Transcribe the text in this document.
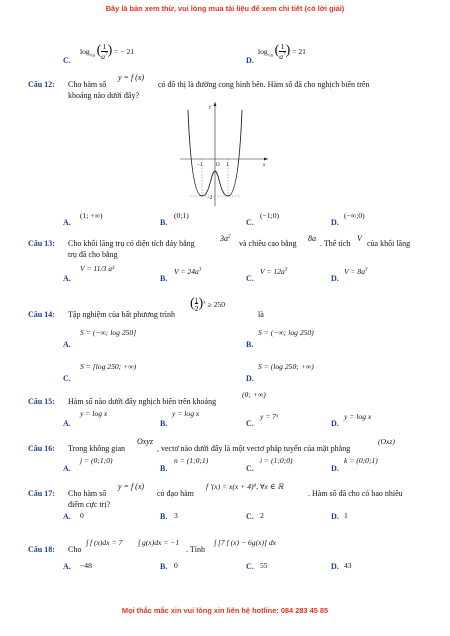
Đây là bản xem thử, vui lòng mua tài liệu để xem chi tiết (có lời giải)
Mọi thắc mắc xin vui lòng xin liên hệ hotline: 084 283 45 85
C.
$\log_{√a} (\frac{1}{a^7})$ = − 21
D.
$\log_{√a} (\frac{1}{a^7}) = 21$
Câu 12: Cho hàm số
y = f (x)
có đồ thị là đường cong hình bên. Hàm số đã cho nghịch biến trên
khoảng nào dưới đây?
y
x
O
−1	1
−2
A.
(1; +∞)
B.
(0;1)
C.
(−1;0)
D.
(−∞;0)
Câu 13: Cho khối lăng trụ có diện tích đáy bằng
$3a^2$
và chiều cao bằng
8a
. Thể tích
V
của khối lăng
trụ đã cho bằng
A.
V = 11/3 a³
B.
$V = 24a^3$
C.
$V = 12a^3$
D.
$V = 8a^3$
Câu 14: Tập nghiệm của bất phương trình
(1
2)$^x$ ≥ 250
là
A.
S = (−∞; log 250]
B.
S = (−∞; log 250)
C.
S = [log 250; +∞)
D.
S = (log 250; +∞)
Câu 15: Hàm số nào dưới đây nghịch biến trên khoảng
(0; +∞)
A.
y = log x
B.
y = log x
C.
y = 7ˣ
D.
y = log x
Câu 16: Trong không gian
Oxyz
, vectơ nào dưới đây là một vectơ pháp tuyến của mặt phẳng
(Oxz)
A.
j = (0;1;0)
B.
n = (1;0;1)
C.
i = (1;0;0)
D.
k = (0;0;1)
Câu 17: Cho hàm số
y = f (x)
có đạo hàm
f ′(x) = x(x + 4)⁹, ∀x ∈ ℝ
. Hàm số đã cho có bao nhiêu
điểm cực trị?
A. 0	B. 3	C. 2	D. 1
Câu 18: Cho
∫ f (x)dx = 7 ∫ g(x)dx = −1
. Tính
∫ [7 f (x) − 6g(x)] dx
A. −48	B. 0	C. 55	D. 43
